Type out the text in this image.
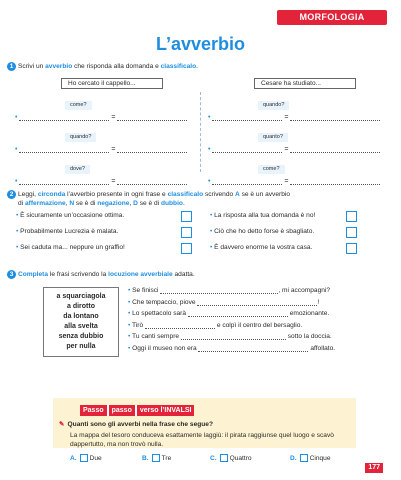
MORFOLOGIA
L’avverbio
1 Scrivi un avverbio che risponda alla domanda e classificalo.
Ho cercato il cappello...
come?
•	=
quando?
•	=
dove?
•	=
Cesare ha studiato...
quando?
•	=
quanto?
•	=
come?
•	=
2 Leggi, circonda l’avverbio presente in ogni frase e classificalo scrivendo A se è un avverbio
di affermazione, N se è di negazione, D se è di dubbio.
• È sicuramente un’occasione ottima.
• Probabilmente Lucrezia è malata.
• Sei caduta ma... neppure un graffio!
• La risposta alla tua domanda è no!
• Ciò che ho detto forse è sbagliato.
• È davvero enorme la vostra casa.
3 Completa le frasi scrivendo la locuzione avverbiale adatta.
a squarciagola
a dirotto
da lontano
alla svelta
senza dubbio
per nulla
• Se finisci	, mi accompagni?
• Che tempaccio, piove	!
• Lo spettacolo sarà	emozionante.
• Tirò	e colpì il centro del bersaglio.
• Tu canti sempre	sotto la doccia.
• Oggi il museo non era	affollato.
Passo	passo	verso l’INVALSI
✎ Quanti sono gli avverbi nella frase che segue?
La mappa del tesoro conduceva esattamente laggiù: il pirata raggiunse quel luogo e scavò dappertutto, ma non trovò nulla.
A. Due	B. Tre	C. Quattro	D. Cinque
177
